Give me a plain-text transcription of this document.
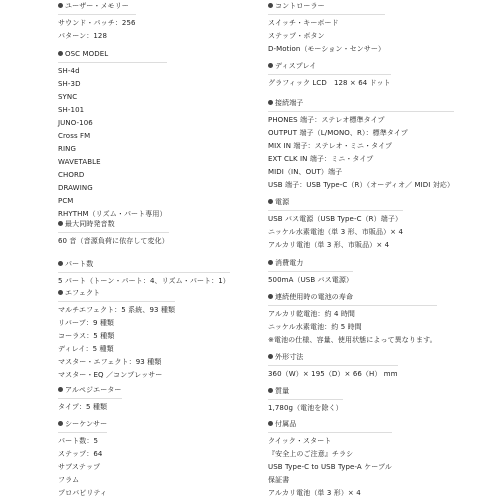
ユーザー・メモリー
サウンド・パッチ：256
パターン：128
OSC MODEL
SH-4d
SH-3D
SYNC
SH-101
JUNO-106
Cross FM
RING
WAVETABLE
CHORD
DRAWING
PCM
RHYTHM（リズム・パート専用）
最大同時発音数
60 音（音源負荷に依存して変化）
パート数
5 パート（トーン・パート：4、リズム・パート：1）
エフェクト
マルチエフェクト：5 系統、93 種類
リバーブ：9 種類
コーラス：5 種類
ディレイ：5 種類
マスター・エフェクト：93 種類
マスター・EQ ／コンプレッサー
アルペジエーター
タイプ：5 種類
シーケンサー
パート数：5
ステップ：64
サブステップ
フラム
プロバビリティ
コントローラー
スイッチ・キーボード
ステップ・ボタン
D-Motion（モーション・センサー）
ディスプレイ
グラフィック LCD　128 × 64 ドット
接続端子
PHONES 端子：ステレオ標準タイプ
OUTPUT 端子（L/MONO、R）：標準タイプ
MIX IN 端子：ステレオ・ミニ・タイプ
EXT CLK IN 端子：ミニ・タイプ
MIDI（IN、OUT）端子
USB 端子：USB Type-C（R）（オーディオ／ MIDI 対応）
電源
USB バス電源（USB Type-C（R）端子）
ニッケル水素電池（単 3 形、市販品）× 4
アルカリ電池（単 3 形、市販品）× 4
消費電力
500mA（USB バス電源）
連続使用時の電池の寿命
アルカリ乾電池：約 4 時間
ニッケル水素電池：約 5 時間
※電池の仕様、容量、使用状態によって異なります。
外形寸法
360（W）× 195（D）× 66（H） mm
質量
1,780g（電池を除く）
付属品
クイック・スタート
『安全上のご注意』チラシ
USB Type-C to USB Type-A ケーブル
保証書
アルカリ電池（単 3 形）× 4
